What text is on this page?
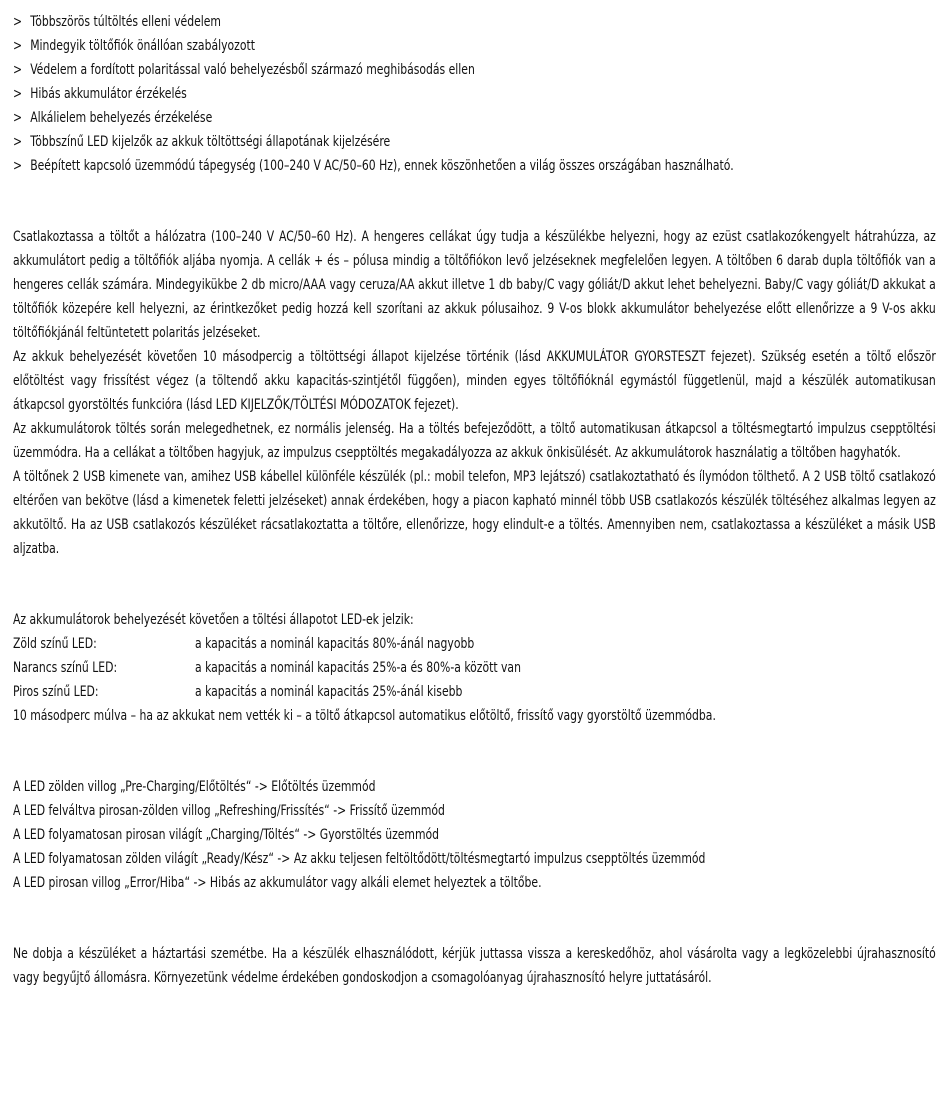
> Többszörös túltöltés elleni védelem
> Mindegyik töltőfiók önállóan szabályozott
> Védelem a fordított polaritással való behelyezésből származó meghibásodás ellen
> Hibás akkumulátor érzékelés
> Alkálielem behelyezés érzékelése
> Többszínű LED kijelzők az akkuk töltöttségi állapotának kijelzésére
> Beépített kapcsoló üzemmódú tápegység (100–240 V AC/50–60 Hz), ennek köszönhetően a világ összes országában használható.

Csatlakoztassa a töltőt a hálózatra (100–240 V AC/50–60 Hz). A hengeres cellákat úgy tudja a készülékbe helyezni, hogy az ezüst csatlakozókengyelt hátrahúzza, az akkumulátort pedig a töltőfiók aljába nyomja. A cellák + és – pólusa mindig a töltőfiókon levő jelzéseknek megfelelően legyen. A töltőben 6 darab dupla töltőfiók van a hengeres cellák számára. Mindegyikükbe 2 db micro/AAA vagy ceruza/AA akkut illetve 1 db baby/C vagy góliát/D akkut lehet behelyezni. Baby/C vagy góliát/D akkukat a töltőfiók közepére kell helyezni, az érintkezőket pedig hozzá kell szorítani az akkuk pólusaihoz. 9 V-os blokk akkumulátor behelyezése előtt ellenőrizze a 9 V-os akku töltőfiókjánál feltüntetett polaritás jelzéseket.

Az akkuk behelyezését követően 10 másodpercig a töltöttségi állapot kijelzése történik (lásd AKKUMULÁTOR GYORSTESZT fejezet). Szükség esetén a töltő először előtöltést vagy frissítést végez (a töltendő akku kapacitás-szintjétől függően), minden egyes töltőfióknál egymástól függetlenül, majd a készülék automatikusan átkapcsol gyorstöltés funkcióra (lásd LED KIJELZŐK/TÖLTÉSI MÓDOZATOK fejezet).

Az akkumulátorok töltés során melegedhetnek, ez normális jelenség. Ha a töltés befejeződött, a töltő automatikusan átkapcsol a töltésmegtartó impulzus csepptöltési üzemmódra. Ha a cellákat a töltőben hagyjuk, az impulzus csepptöltés megakadályozza az akkuk önkisülését. Az akkumulátorok használatig a töltőben hagyhatók.

A töltőnek 2 USB kimenete van, amihez USB kábellel különféle készülék (pl.: mobil telefon, MP3 lejátszó) csatlakoztatható és ílymódon tölthető. A 2 USB töltő csatlakozó eltérően van bekötve (lásd a kimenetek feletti jelzéseket) annak érdekében, hogy a piacon kapható minnél több USB csatlakozós készülék töltéséhez alkalmas legyen az akkutöltő. Ha az USB csatlakozós készüléket rácsatlakoztatta a töltőre, ellenőrizze, hogy elindult-e a töltés. Amennyiben nem, csatlakoztassa a készüléket a másik USB aljzatba.

Az akkumulátorok behelyezését követően a töltési állapotot LED-ek jelzik:
Zöld színű LED:	a kapacitás a nominál kapacitás 80%-ánál nagyobb
Narancs színű LED:	a kapacitás a nominál kapacitás 25%-a és 80%-a között van
Piros színű LED:	a kapacitás a nominál kapacitás 25%-ánál kisebb
10 másodperc múlva – ha az akkukat nem vették ki – a töltő átkapcsol automatikus előtöltő, frissítő vagy gyorstöltő üzemmódba.
A LED zölden villog „Pre-Charging/Előtöltés“ -> Előtöltés üzemmód
A LED felváltva pirosan-zölden villog „Refreshing/Frissítés“ -> Frissítő üzemmód
A LED folyamatosan pirosan világít „Charging/Töltés“ -> Gyorstöltés üzemmód
A LED folyamatosan zölden világít „Ready/Kész“ -> Az akku teljesen feltöltődött/töltésmegtartó impulzus csepptöltés üzemmód
A LED pirosan villog „Error/Hiba“ -> Hibás az akkumulátor vagy alkáli elemet helyeztek a töltőbe.

Ne dobja a készüléket a háztartási szemétbe. Ha a készülék elhasználódott, kérjük juttassa vissza a kereskedőhöz, ahol vásárolta vagy a legközelebbi újrahasznosító vagy begyűjtő állomásra. Környezetünk védelme érdekében gondoskodjon a csomagolóanyag újrahasznosító helyre juttatásáról.
